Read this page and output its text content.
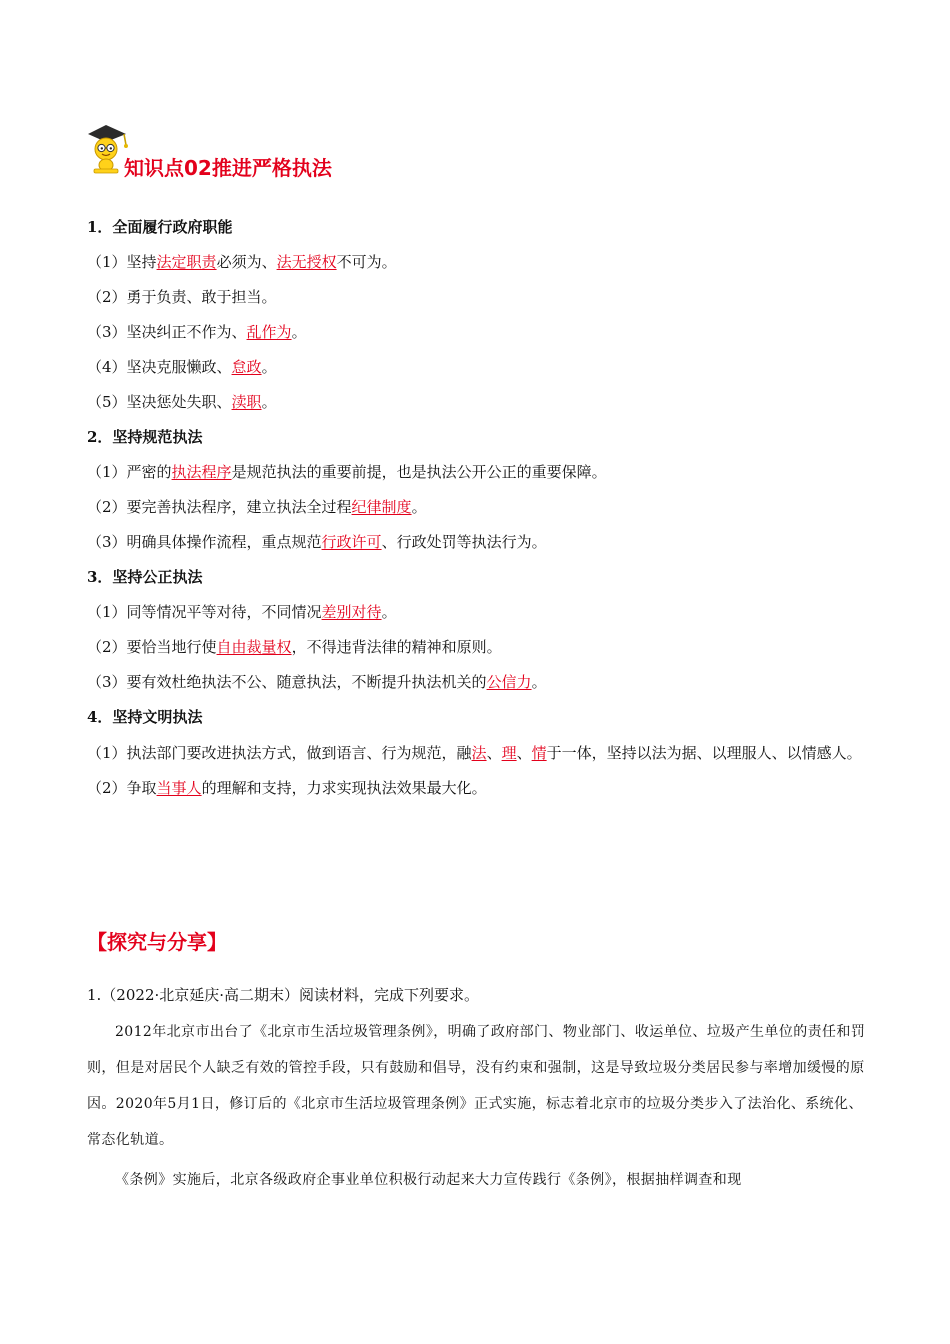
知识点02推进严格执法
1．全面履行政府职能
（1）坚持法定职责必须为、法无授权不可为。
（2）勇于负责、敢于担当。
（3）坚决纠正不作为、乱作为。
（4）坚决克服懒政、怠政。
（5）坚决惩处失职、渎职。
2．坚持规范执法
（1）严密的执法程序是规范执法的重要前提，也是执法公开公正的重要保障。
（2）要完善执法程序，建立执法全过程纪律制度。
（3）明确具体操作流程，重点规范行政许可、行政处罚等执法行为。
3．坚持公正执法
（1）同等情况平等对待，不同情况差别对待。
（2）要恰当地行使自由裁量权，不得违背法律的精神和原则。
（3）要有效杜绝执法不公、随意执法，不断提升执法机关的公信力。
4．坚持文明执法
（1）执法部门要改进执法方式，做到语言、行为规范，融法、理、情于一体，坚持以法为据、以理服人、以情感人。
（2）争取当事人的理解和支持，力求实现执法效果最大化。
【探究与分享】
1.（2022·北京延庆·高二期末）阅读材料，完成下列要求。
2012年北京市出台了《北京市生活垃圾管理条例》，明确了政府部门、物业部门、收运单位、垃圾产生单位的责任和罚则，但是对居民个人缺乏有效的管控手段，只有鼓励和倡导，没有约束和强制，这是导致垃圾分类居民参与率增加缓慢的原因。2020年5月1日，修订后的《北京市生活垃圾管理条例》正式实施，标志着北京市的垃圾分类步入了法治化、系统化、常态化轨道。
《条例》实施后，北京各级政府企事业单位积极行动起来大力宣传践行《条例》，根据抽样调查和现
